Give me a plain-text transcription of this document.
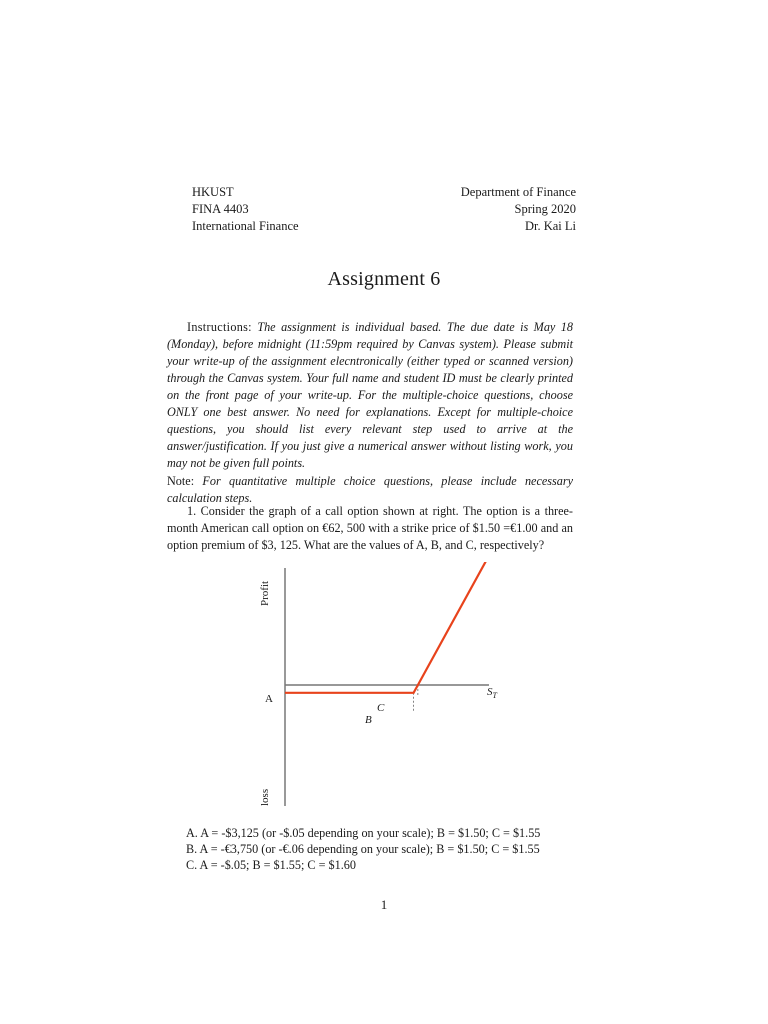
HKUST
FINA 4403
International Finance
Department of Finance
Spring 2020
Dr. Kai Li
Assignment 6
Instructions: The assignment is individual based. The due date is May 18 (Monday), before midnight (11:59pm required by Canvas system). Please submit your write-up of the assignment elecntronically (either typed or scanned version) through the Canvas system. Your full name and student ID must be clearly printed on the front page of your write-up. For the multiple-choice questions, choose ONLY one best answer. No need for explanations. Except for multiple-choice questions, you should list every relevant step used to arrive at the answer/justification. If you just give a numerical answer without listing work, you may not be given full points.
Note: For quantitative multiple choice questions, please include necessary calculation steps.
1. Consider the graph of a call option shown at right. The option is a three-month American call option on €62, 500 with a strike price of $1.50 =€1.00 and an option premium of $3, 125. What are the values of A, B, and C, respectively?
Profit
loss
A
B
C
$S_T$
A. A = -$3,125 (or -$.05 depending on your scale); B = $1.50; C = $1.55
B. A = -€3,750 (or -€.06 depending on your scale); B = $1.50; C = $1.55
C. A = -$.05; B = $1.55; C = $1.60
1
